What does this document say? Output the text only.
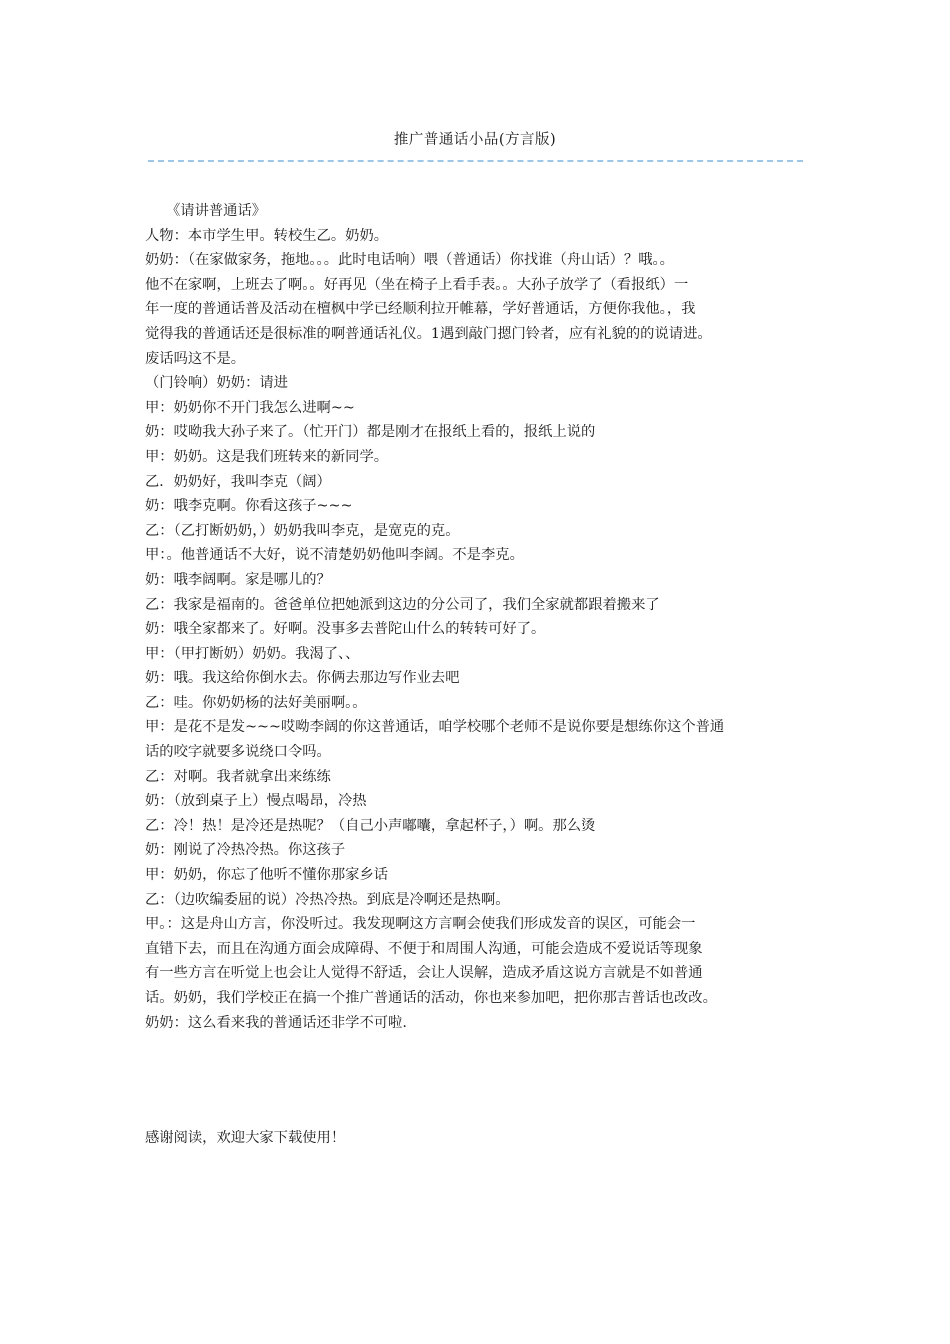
推广普通话小品(方言版)
《请讲普通话》
人物：本市学生甲。转校生乙。奶奶。
奶奶：（在家做家务，拖地。。。此时电话响）喂（普通话）你找谁（舟山话）？哦。。
他不在家啊，上班去了啊。。好再见（坐在椅子上看手表。。大孙子放学了（看报纸）一
年一度的普通话普及活动在檀枫中学已经顺利拉开帷幕，学好普通话，方便你我他。，我
觉得我的普通话还是很标准的啊普通话礼仪。1遇到敲门摁门铃者，应有礼貌的的说请进。
废话吗这不是。
（门铃响）奶奶：请进
甲：奶奶你不开门我怎么进啊~~
奶：哎呦我大孙子来了。（忙开门）都是刚才在报纸上看的，报纸上说的
甲：奶奶。这是我们班转来的新同学。
乙．奶奶好，我叫李克（阔）
奶：哦李克啊。你看这孩子~~~
乙：（乙打断奶奶，）奶奶我叫李克，是宽克的克。
甲：。他普通话不大好，说不清楚奶奶他叫李阔。不是李克。
奶：哦李阔啊。家是哪儿的？
乙：我家是福南的。爸爸单位把她派到这边的分公司了，我们全家就都跟着搬来了
奶：哦全家都来了。好啊。没事多去普陀山什么的转转可好了。
甲：（甲打断奶）奶奶。我渴了、、
奶：哦。我这给你倒水去。你俩去那边写作业去吧
乙：哇。你奶奶杨的法好美丽啊。。
甲：是花不是发~~~哎呦李阔的你这普通话，咱学校哪个老师不是说你要是想练你这个普通
话的咬字就要多说绕口令吗。
乙：对啊。我者就拿出来练练
奶：（放到桌子上）慢点喝昂，冷热
乙：冷！热！是冷还是热呢？（自己小声嘟囔，拿起杯子，）啊。那么烫
奶：刚说了冷热冷热。你这孩子
甲：奶奶，你忘了他听不懂你那家乡话
乙：（边吹编委屈的说）冷热冷热。到底是冷啊还是热啊。
甲。：这是舟山方言，你没听过。我发现啊这方言啊会使我们形成发音的误区，可能会一
直错下去，而且在沟通方面会成障碍、不便于和周围人沟通，可能会造成不爱说话等现象
有一些方言在听觉上也会让人觉得不舒适，会让人误解，造成矛盾这说方言就是不如普通
话。奶奶，我们学校正在搞一个推广普通话的活动，你也来参加吧，把你那吉普话也改改。
奶奶：这么看来我的普通话还非学不可啦.
感谢阅读，欢迎大家下载使用！
